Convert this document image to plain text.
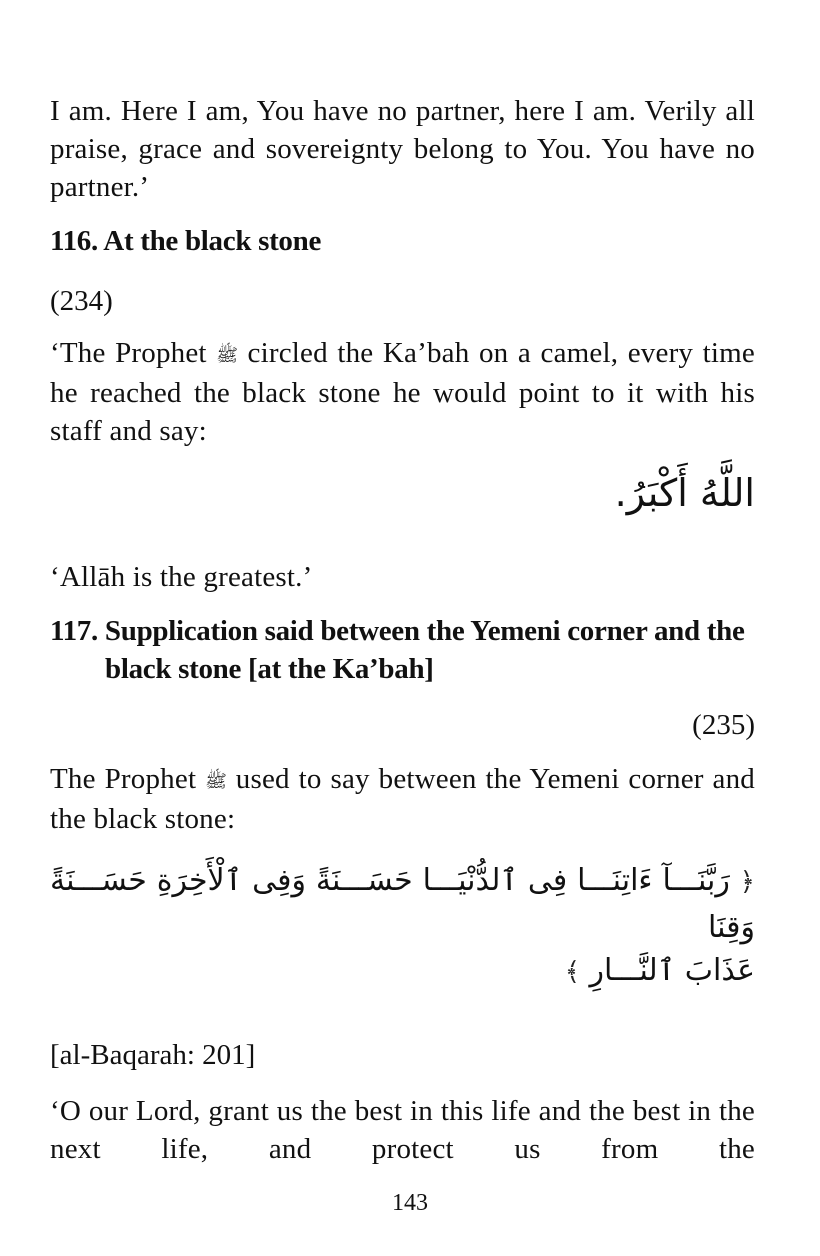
I am. Here I am, You have no partner, here I am. Verily all praise, grace and sovereignty belong to You. You have no partner.’

116. At the black stone

(234)

‘The Prophet ﷺ circled the Ka’bah on a camel, every time he reached the black stone he would point to it with his staff and say:

اللَّهُ أَكْبَرُ.

‘Allāh is the greatest.’

117. Supplication said between the Yemeni corner and the black stone [at the Ka’bah]

(235)

The Prophet ﷺ used to say between the Yemeni corner and the black stone:

﴿ رَبَّنَـــآ ءَاتِنَـــا فِى ٱلدُّنْيَـــا حَسَـــنَةً وَفِى ٱلْأَخِرَةِ حَسَـــنَةً وَقِنَا

عَذَابَ ٱلنَّـــارِ ﴾

[al-Baqarah: 201]

‘O our Lord, grant us the best in this life and the best in the next life, and protect us from the

143
